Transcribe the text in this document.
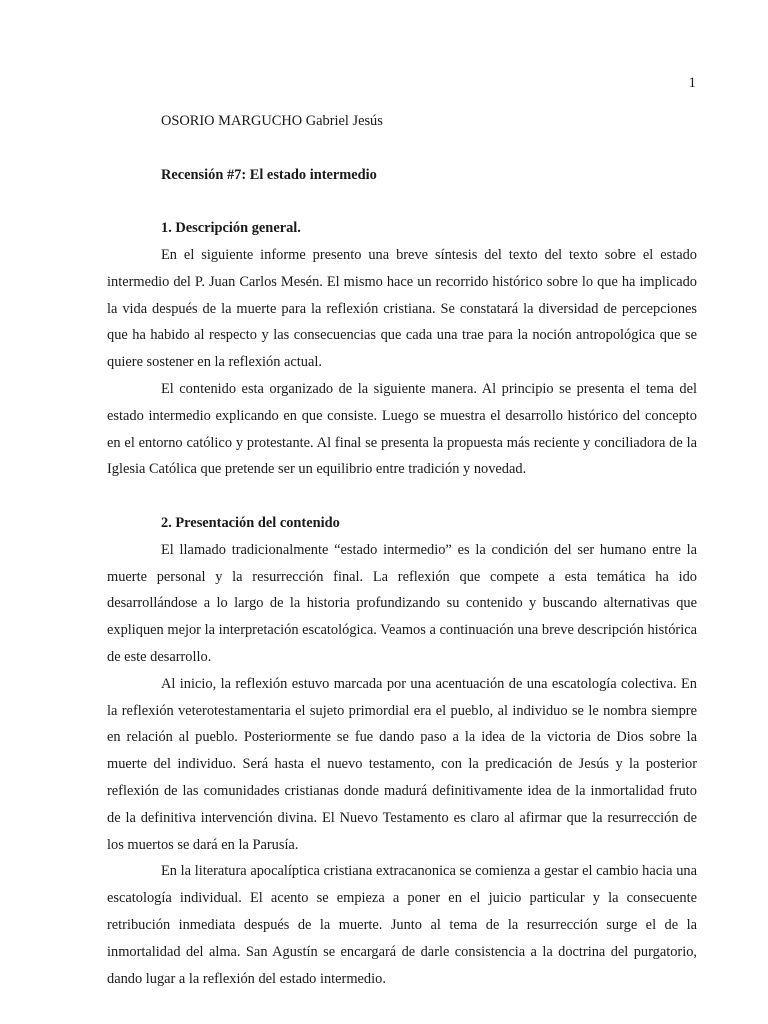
1

OSORIO MARGUCHO Gabriel Jesús

Recensión #7: El estado intermedio

1. Descripción general.

En el siguiente informe presento una breve síntesis del texto del texto sobre el estado intermedio del P. Juan Carlos Mesén. El mismo hace un recorrido histórico sobre lo que ha implicado la vida después de la muerte para la reflexión cristiana. Se constatará la diversidad de percepciones que ha habido al respecto y las consecuencias que cada una trae para la noción antropológica que se quiere sostener en la reflexión actual.

El contenido esta organizado de la siguiente manera. Al principio se presenta el tema del estado intermedio explicando en que consiste. Luego se muestra el desarrollo histórico del concepto en el entorno católico y protestante. Al final se presenta la propuesta más reciente y conciliadora de la Iglesia Católica que pretende ser un equilibrio entre tradición y novedad.

2. Presentación del contenido

El llamado tradicionalmente “estado intermedio” es la condición del ser humano entre la muerte personal y la resurrección final. La reflexión que compete a esta temática ha ido desarrollándose a lo largo de la historia profundizando su contenido y buscando alternativas que expliquen mejor la interpretación escatológica. Veamos a continuación una breve descripción histórica de este desarrollo.

Al inicio, la reflexión estuvo marcada por una acentuación de una escatología colectiva. En la reflexión veterotestamentaria el sujeto primordial era el pueblo, al individuo se le nombra siempre en relación al pueblo. Posteriormente se fue dando paso a la idea de la victoria de Dios sobre la muerte del individuo. Será hasta el nuevo testamento, con la predicación de Jesús y la posterior reflexión de las comunidades cristianas donde madurá definitivamente idea de la inmortalidad fruto de la definitiva intervención divina. El Nuevo Testamento es claro al afirmar que la resurrección de los muertos se dará en la Parusía.

En la literatura apocalíptica cristiana extracanonica se comienza a gestar el cambio hacia una escatología individual. El acento se empieza a poner en el juicio particular y la consecuente retribución inmediata después de la muerte. Junto al tema de la resurrección surge el de la inmortalidad del alma. San Agustín se encargará de darle consistencia a la doctrina del purgatorio, dando lugar a la reflexión del estado intermedio.
